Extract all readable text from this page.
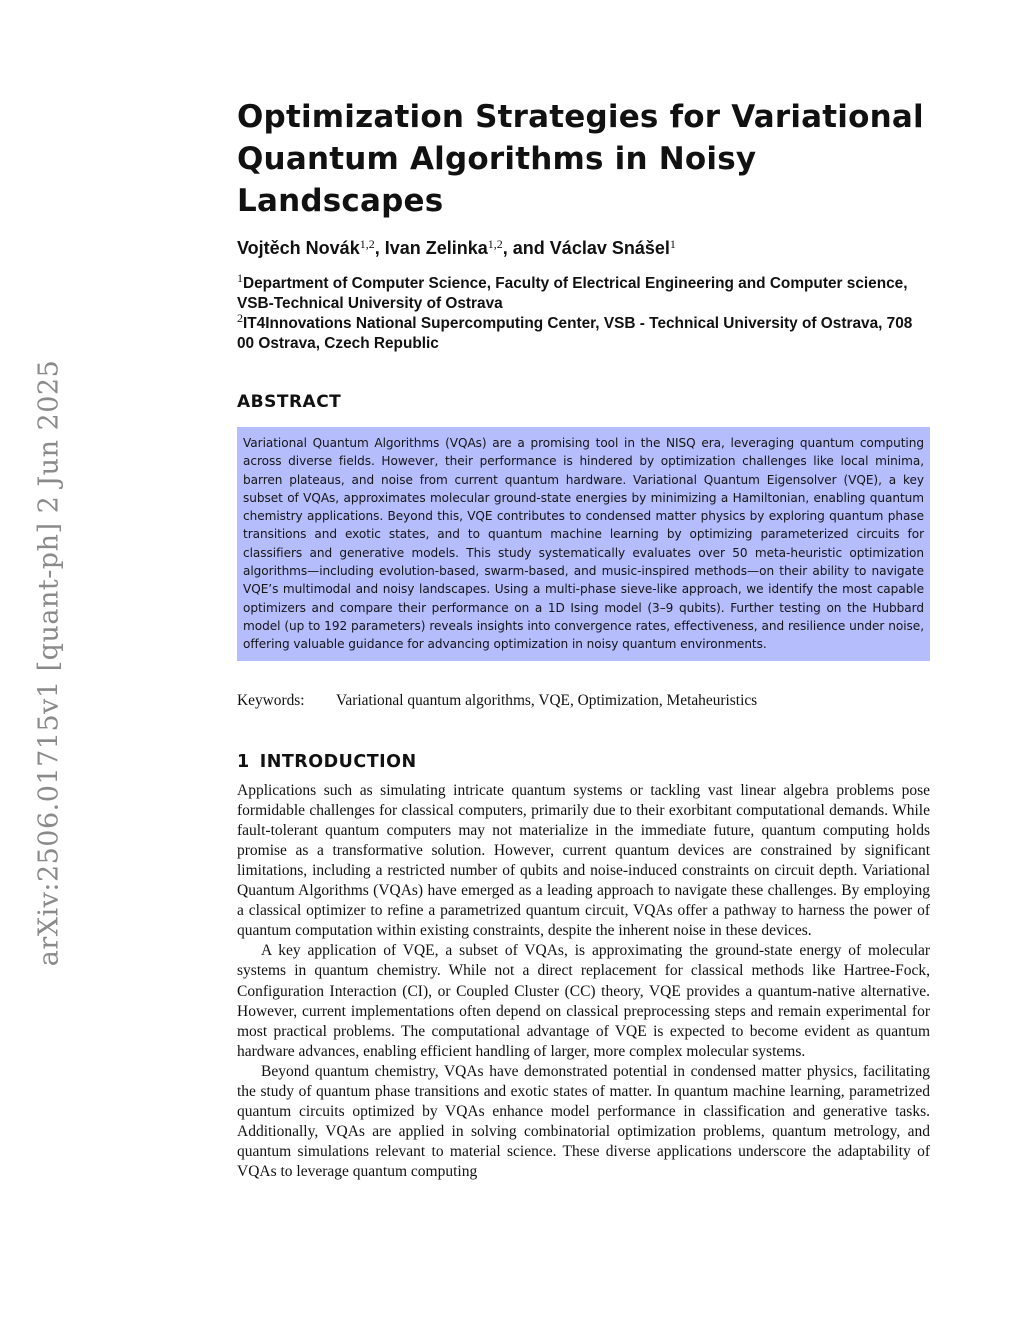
arXiv:2506.01715v1 [quant-ph] 2 Jun 2025
Optimization Strategies for Variational
Quantum Algorithms in Noisy Landscapes
Vojtěch Novák$^{1,2}$, Ivan Zelinka$^{1,2}$, and Václav Snášel$^1$

$^1$Department of Computer Science, Faculty of Electrical Engineering and Computer science, VSB-Technical University of Ostrava

$^2$IT4Innovations National Supercomputing Center, VSB - Technical University of Ostrava, 708 00 Ostrava, Czech Republic

ABSTRACT
Variational Quantum Algorithms (VQAs) are a promising tool in the NISQ era, leveraging quantum computing across diverse fields. However, their performance is hindered by optimization challenges like local minima, barren plateaus, and noise from current quantum hardware. Variational Quantum Eigensolver (VQE), a key subset of VQAs, approximates molecular ground-state energies by minimizing a Hamiltonian, enabling quantum chemistry applications. Beyond this, VQE contributes to condensed matter physics by exploring quantum phase transitions and exotic states, and to quantum machine learning by optimizing parameterized circuits for classifiers and generative models. This study systematically evaluates over 50 meta-heuristic optimization algorithms—including evolution-based, swarm-based, and music-inspired methods—on their ability to navigate VQE’s multimodal and noisy landscapes. Using a multi-phase sieve-like approach, we identify the most capable optimizers and compare their performance on a 1D Ising model (3–9 qubits). Further testing on the Hubbard model (up to 192 parameters) reveals insights into convergence rates, effectiveness, and resilience under noise, offering valuable guidance for advancing optimization in noisy quantum environments.
Keywords:	Variational quantum algorithms, VQE, Optimization, Metaheuristics
1 INTRODUCTION

Applications such as simulating intricate quantum systems or tackling vast linear algebra problems pose formidable challenges for classical computers, primarily due to their exorbitant computational demands. While fault-tolerant quantum computers may not materialize in the immediate future, quantum computing holds promise as a transformative solution. However, current quantum devices are constrained by significant limitations, including a restricted number of qubits and noise-induced constraints on circuit depth. Variational Quantum Algorithms (VQAs) have emerged as a leading approach to navigate these challenges. By employing a classical optimizer to refine a parametrized quantum circuit, VQAs offer a pathway to harness the power of quantum computation within existing constraints, despite the inherent noise in these devices.

A key application of VQE, a subset of VQAs, is approximating the ground-state energy of molecular systems in quantum chemistry. While not a direct replacement for classical methods like Hartree-Fock, Configuration Interaction (CI), or Coupled Cluster (CC) theory, VQE provides a quantum-native alternative. However, current implementations often depend on classical preprocessing steps and remain experimental for most practical problems. The computational advantage of VQE is expected to become evident as quantum hardware advances, enabling efficient handling of larger, more complex molecular systems.

Beyond quantum chemistry, VQAs have demonstrated potential in condensed matter physics, facilitating the study of quantum phase transitions and exotic states of matter. In quantum machine learning, parametrized quantum circuits optimized by VQAs enhance model performance in classification and generative tasks. Additionally, VQAs are applied in solving combinatorial optimization problems, quantum metrology, and quantum simulations relevant to material science. These diverse applications underscore the adaptability of VQAs to leverage quantum computing
